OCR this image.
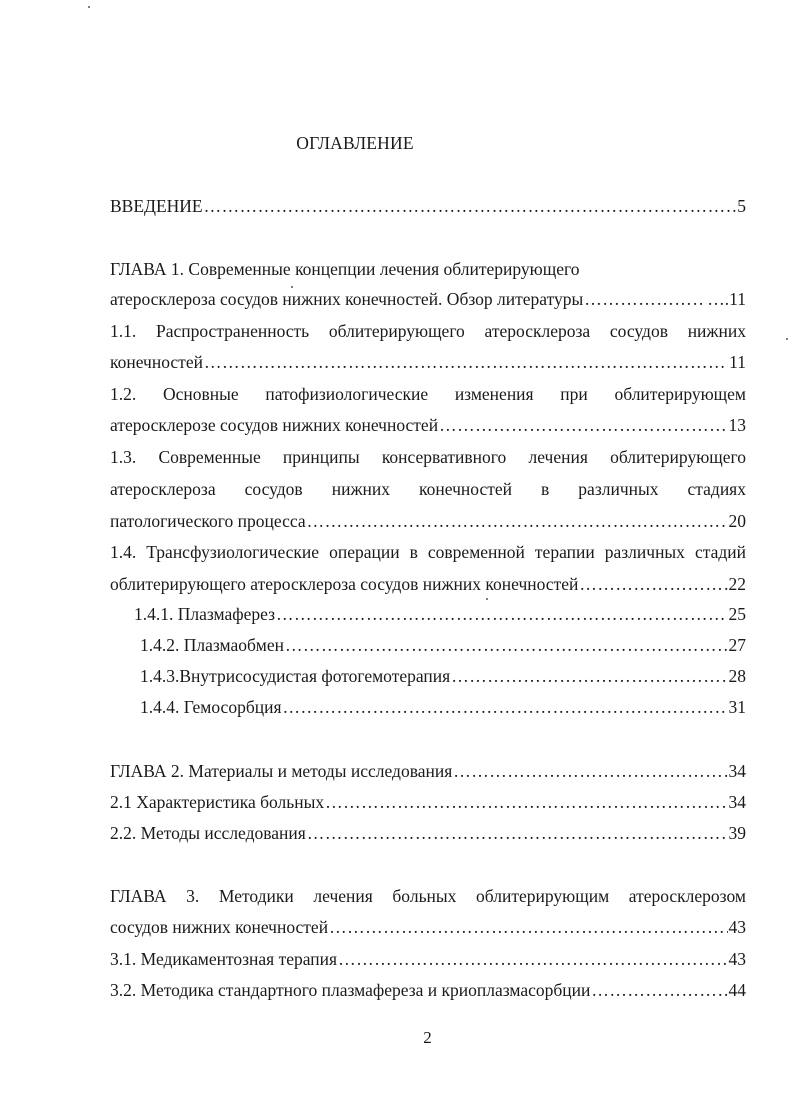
ОГЛАВЛЕНИЕ
ВВЕДЕНИЕ ………………………………………………………………………………………………………………………………………………………………………	5
ГЛАВА 1. Современные концепции лечения облитерирующего
атеросклероза сосудов нижних конечностей. Обзор литературы ………………………………………………………………………………………………………………………………………………………………………	….11
1.1. Распространенность облитерирующего атеросклероза сосудов нижних
конечностей ………………………………………………………………………………………………………………………………………………………………………	11
1.2. Основные патофизиологические изменения при облитерирующем
атеросклерозе сосудов нижних конечностей ………………………………………………………………………………………………………………………………………………………………………	13
1.3. Современные принципы консервативного лечения облитерирующего
атеросклероза сосудов нижних конечностей в различных стадиях
патологического процесса ………………………………………………………………………………………………………………………………………………………………………	20
1.4. Трансфузиологические операции в современной терапии различных стадий
облитерирующего атеросклероза сосудов нижних конечностей ………………………………………………………………………………………………………………………………………………………………………	22
1.4.1. Плазмаферез ………………………………………………………………………………………………………………………………………………………………………	25
1.4.2. Плазмаобмен ………………………………………………………………………………………………………………………………………………………………………	27
1.4.3.Внутрисосудистая фотогемотерапия ………………………………………………………………………………………………………………………………………………………………………	28
1.4.4. Гемосорбция ………………………………………………………………………………………………………………………………………………………………………	31
ГЛАВА 2. Материалы и методы исследования ………………………………………………………………………………………………………………………………………………………………………	34
2.1 Характеристика больных ………………………………………………………………………………………………………………………………………………………………………	34
2.2. Методы исследования ………………………………………………………………………………………………………………………………………………………………………	39
ГЛАВА 3. Методики лечения больных облитерирующим атеросклерозом
сосудов нижних конечностей ………………………………………………………………………………………………………………………………………………………………………	43
3.1. Медикаментозная терапия ………………………………………………………………………………………………………………………………………………………………………	43
3.2. Методика стандартного плазмафереза и криоплазмасорбции ………………………………………………………………………………………………………………………………………………………………………	44
2
